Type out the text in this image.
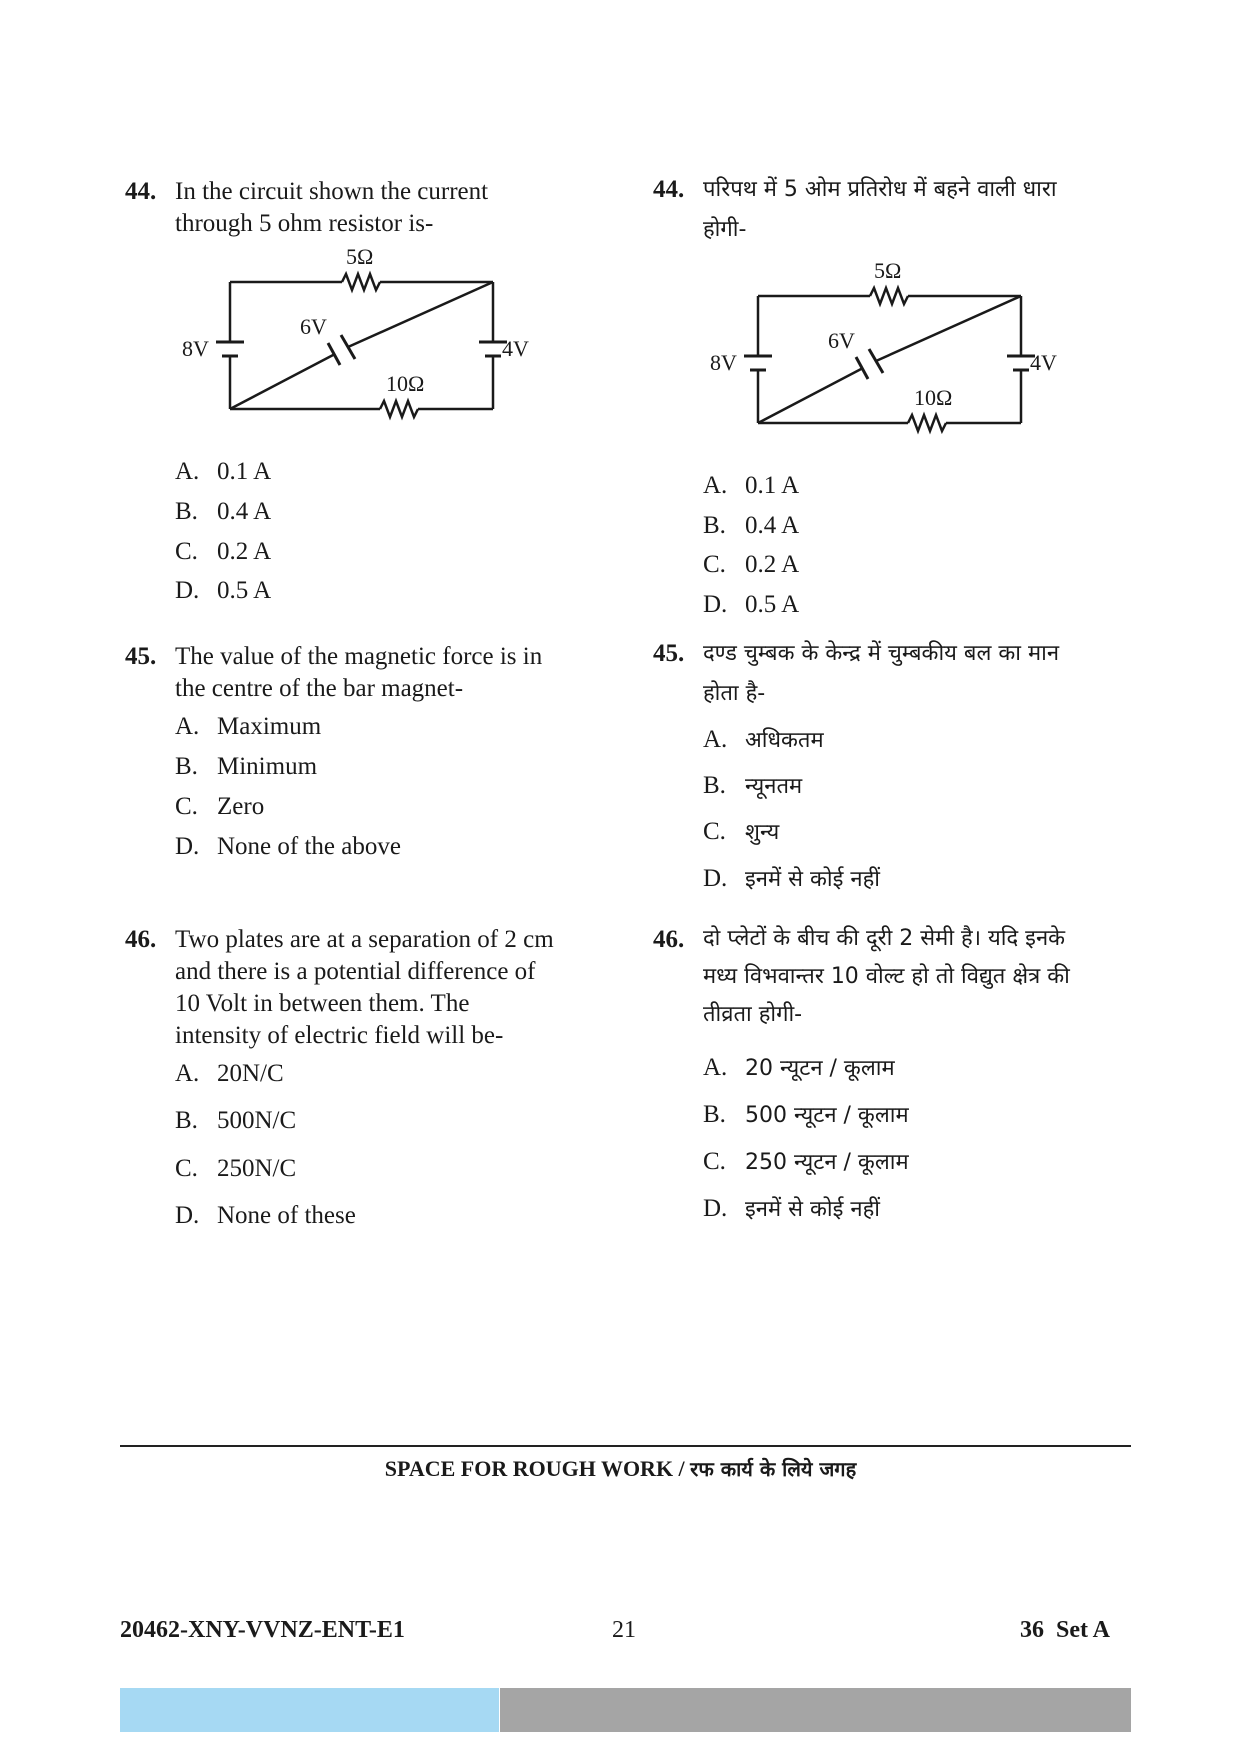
44. In the circuit shown the current
through 5 ohm resistor is-
5Ω
10Ω
8V
6V
4V
A. 0.1 A
B. 0.4 A
C. 0.2 A
D. 0.5 A
45. The value of the magnetic force is in
the centre of the bar magnet-
A. Maximum
B. Minimum
C. Zero
D. None of the above
46. Two plates are at a separation of 2 cm
and there is a potential difference of
10 Volt in between them. The
intensity of electric field will be-
A. 20N/C
B. 500N/C
C. 250N/C
D. None of these
44. परिपथ में 5 ओम प्रतिरोध में बहने वाली धारा
होगी-
5Ω
10Ω
8V
6V
4V
A. 0.1 A
B. 0.4 A
C. 0.2 A
D. 0.5 A
45. दण्ड चुम्बक के केन्द्र में चुम्बकीय बल का मान
होता है-
A. अधिकतम
B. न्यूनतम
C. शुन्य
D. इनमें से कोई नहीं
46. दो प्लेटों के बीच की दूरी 2 सेमी है। यदि इनके
मध्य विभवान्तर 10 वोल्ट हो तो विद्युत क्षेत्र की
तीव्रता होगी-
A. 20 न्यूटन / कूलाम
B. 500 न्यूटन / कूलाम
C. 250 न्यूटन / कूलाम
D. इनमें से कोई नहीं
SPACE FOR ROUGH WORK / रफ कार्य के लिये जगह
20462-XNY-VVNZ-ENT-E1	21	36 Set A
